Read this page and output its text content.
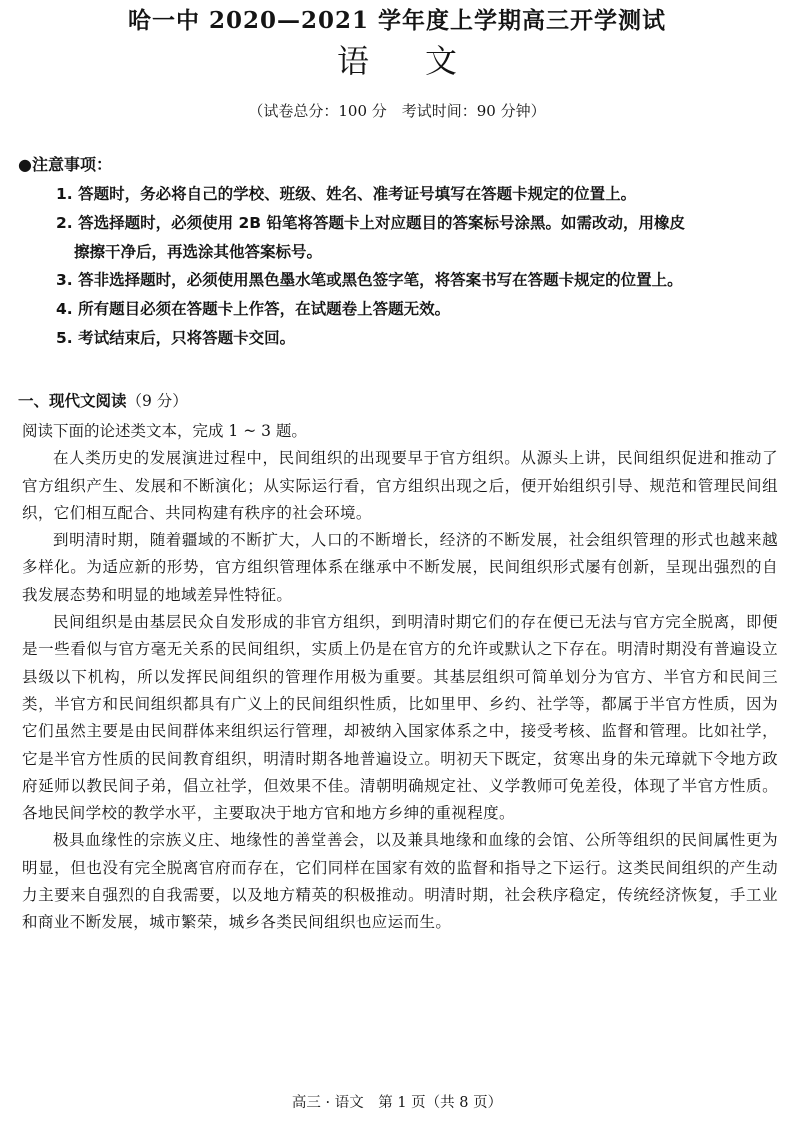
哈一中 2020—2021 学年度上学期高三开学测试
语文
（试卷总分：100 分　考试时间：90 分钟）
●注意事项：
1. 答题时，务必将自己的学校、班级、姓名、准考证号填写在答题卡规定的位置上。
2. 答选择题时，必须使用 2B 铅笔将答题卡上对应题目的答案标号涂黑。如需改动，用橡皮
擦擦干净后，再选涂其他答案标号。
3. 答非选择题时，必须使用黑色墨水笔或黑色签字笔，将答案书写在答题卡规定的位置上。
4. 所有题目必须在答题卡上作答，在试题卷上答题无效。
5. 考试结束后，只将答题卡交回。
一、现代文阅读（9 分）
阅读下面的论述类文本，完成 1 ~ 3 题。
在人类历史的发展演进过程中，民间组织的出现要早于官方组织。从源头上讲，民间组织促进和推动了官方组织产生、发展和不断演化；从实际运行看，官方组织出现之后，便开始组织引导、规范和管理民间组织，它们相互配合、共同构建有秩序的社会环境。
到明清时期，随着疆域的不断扩大，人口的不断增长，经济的不断发展，社会组织管理的形式也越来越多样化。为适应新的形势，官方组织管理体系在继承中不断发展，民间组织形式屡有创新，呈现出强烈的自我发展态势和明显的地域差异性特征。
民间组织是由基层民众自发形成的非官方组织，到明清时期它们的存在便已无法与官方完全脱离，即便是一些看似与官方毫无关系的民间组织，实质上仍是在官方的允许或默认之下存在。明清时期没有普遍设立县级以下机构，所以发挥民间组织的管理作用极为重要。其基层组织可简单划分为官方、半官方和民间三类，半官方和民间组织都具有广义上的民间组织性质，比如里甲、乡约、社学等，都属于半官方性质，因为它们虽然主要是由民间群体来组织运行管理，却被纳入国家体系之中，接受考核、监督和管理。比如社学，它是半官方性质的民间教育组织，明清时期各地普遍设立。明初天下既定，贫寒出身的朱元璋就下令地方政府延师以教民间子弟，倡立社学，但效果不佳。清朝明确规定社、义学教师可免差役，体现了半官方性质。各地民间学校的教学水平，主要取决于地方官和地方乡绅的重视程度。
极具血缘性的宗族义庄、地缘性的善堂善会，以及兼具地缘和血缘的会馆、公所等组织的民间属性更为明显，但也没有完全脱离官府而存在，它们同样在国家有效的监督和指导之下运行。这类民间组织的产生动力主要来自强烈的自我需要，以及地方精英的积极推动。明清时期，社会秩序稳定，传统经济恢复，手工业和商业不断发展，城市繁荣，城乡各类民间组织也应运而生。
高三 · 语文　第 1 页（共 8 页）
